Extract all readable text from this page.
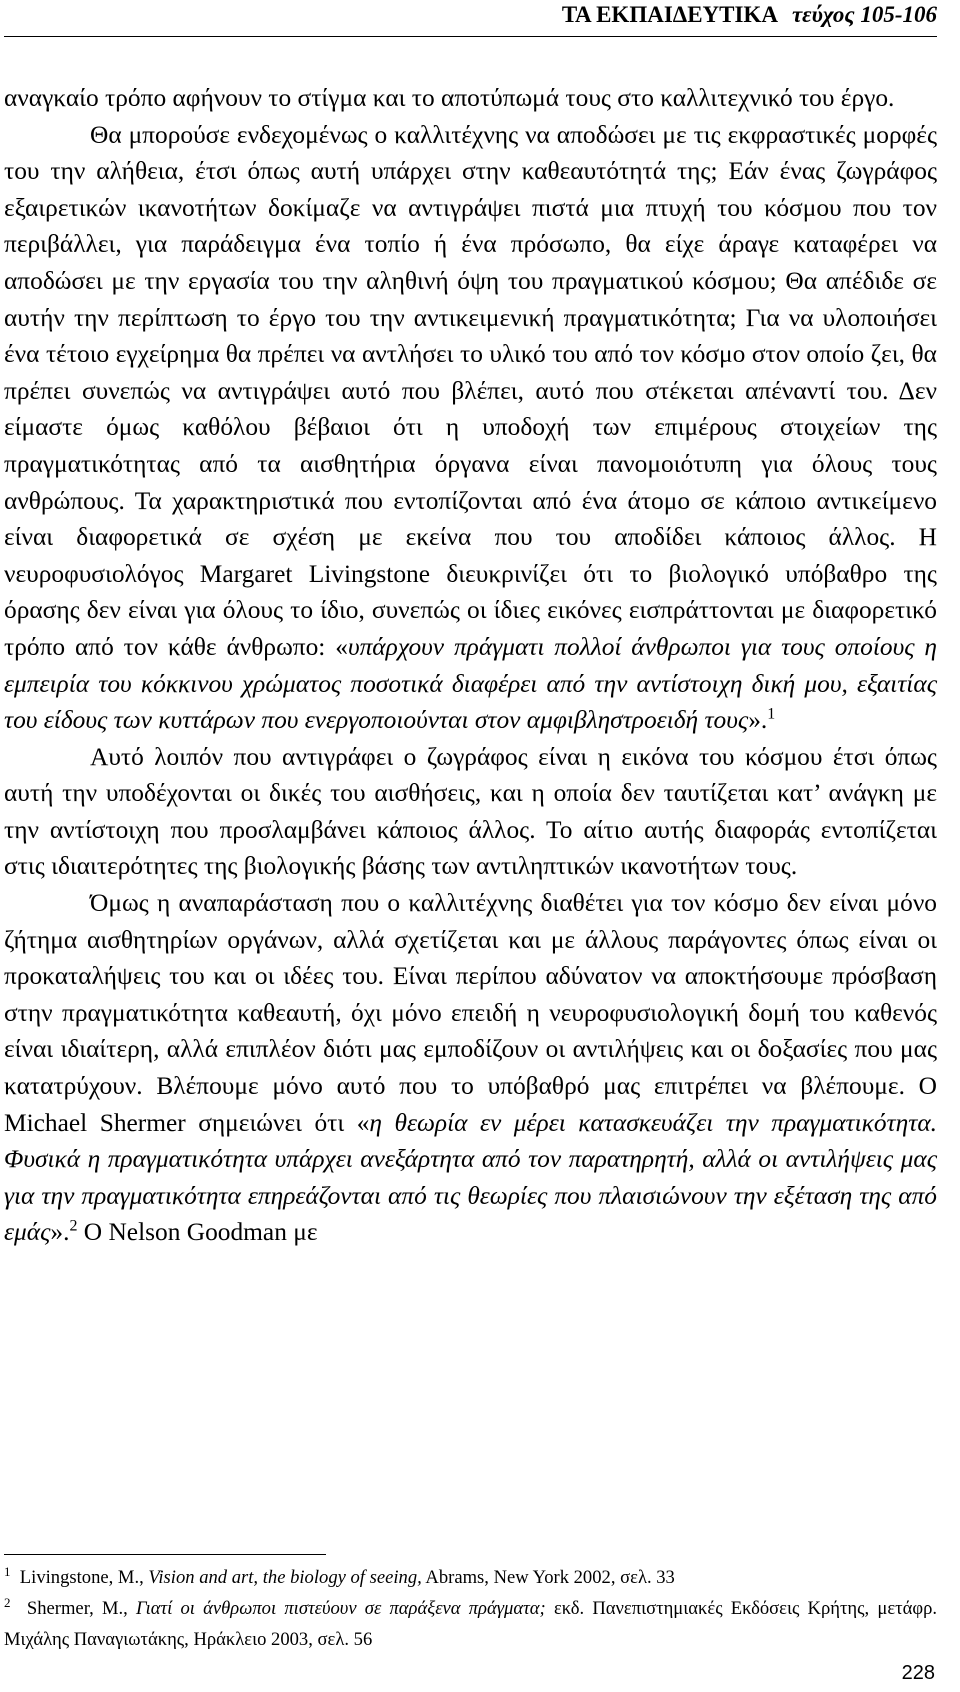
ΤΑ ΕΚΠΑΙΔΕΥΤΙΚΑ τεύχος 105-106

αναγκαίο τρόπο αφήνουν το στίγμα και το αποτύπωμά τους στο καλλιτεχνικό του έργο.

Θα μπορούσε ενδεχομένως ο καλλιτέχνης να αποδώσει με τις εκφραστικές μορφές του την αλήθεια, έτσι όπως αυτή υπάρχει στην καθεαυτότητά της; Εάν ένας ζωγράφος εξαιρετικών ικανοτήτων δοκίμαζε να αντιγράψει πιστά μια πτυχή του κόσμου που τον περιβάλλει, για παράδειγμα ένα τοπίο ή ένα πρόσωπο, θα είχε άραγε καταφέρει να αποδώσει με την εργασία του την αληθινή όψη του πραγματικού κόσμου; Θα απέδιδε σε αυτήν την περίπτωση το έργο του την αντικειμενική πραγματικότητα; Για να υλοποιήσει ένα τέτοιο εγχείρημα θα πρέπει να αντλήσει το υλικό του από τον κόσμο στον οποίο ζει, θα πρέπει συνεπώς να αντιγράψει αυτό που βλέπει, αυτό που στέκεται απέναντί του. Δεν είμαστε όμως καθόλου βέβαιοι ότι η υποδοχή των επιμέρους στοιχείων της πραγματικότητας από τα αισθητήρια όργανα είναι πανομοιότυπη για όλους τους ανθρώπους. Τα χαρακτηριστικά που εντοπίζονται από ένα άτομο σε κάποιο αντικείμενο είναι διαφορετικά σε σχέση με εκείνα που του αποδίδει κάποιος άλλος. Η νευροφυσιολόγος Margaret Livingstone διευκρινίζει ότι το βιολογικό υπόβαθρο της όρασης δεν είναι για όλους το ίδιο, συνεπώς οι ίδιες εικόνες εισπράττονται με διαφορετικό τρόπο από τον κάθε άνθρωπο: «υπάρχουν πράγματι πολλοί άνθρωποι για τους οποίους η εμπειρία του κόκκινου χρώματος ποσοτικά διαφέρει από την αντίστοιχη δική μου, εξαιτίας του είδους των κυττάρων που ενεργοποιούνται στον αμφιβληστροειδή τους».$^1$

Αυτό λοιπόν που αντιγράφει ο ζωγράφος είναι η εικόνα του κόσμου έτσι όπως αυτή την υποδέχονται οι δικές του αισθήσεις, και η οποία δεν ταυτίζεται κατ’ ανάγκη με την αντίστοιχη που προσλαμβάνει κάποιος άλλος. Το αίτιο αυτής διαφοράς εντοπίζεται στις ιδιαιτερότητες της βιολογικής βάσης των αντιληπτικών ικανοτήτων τους.

Όμως η αναπαράσταση που ο καλλιτέχνης διαθέτει για τον κόσμο δεν είναι μόνο ζήτημα αισθητηρίων οργάνων, αλλά σχετίζεται και με άλλους παράγοντες όπως είναι οι προκαταλήψεις του και οι ιδέες του. Είναι περίπου αδύνατον να αποκτήσουμε πρόσβαση στην πραγματικότητα καθεαυτή, όχι μόνο επειδή η νευροφυσιολογική δομή του καθενός είναι ιδιαίτερη, αλλά επιπλέον διότι μας εμποδίζουν οι αντιλήψεις και οι δοξασίες που μας κατατρύχουν. Βλέπουμε μόνο αυτό που το υπόβαθρό μας επιτρέπει να βλέπουμε. Ο Michael Shermer σημειώνει ότι «η θεωρία εν μέρει κατασκευάζει την πραγματικότητα. Φυσικά η πραγματικότητα υπάρχει ανεξάρτητα από τον παρατηρητή, αλλά οι αντιλήψεις μας για την πραγματικότητα επηρεάζονται από τις θεωρίες που πλαισιώνουν την εξέταση της από εμάς».$^2$ Ο Nelson Goodman με

$^1$ Livingstone, M., Vision and art, the biology of seeing, Abrams, New York 2002, σελ. 33

$^2$ Shermer, M., Γιατί οι άνθρωποι πιστεύουν σε παράξενα πράγματα; εκδ. Πανεπιστημιακές Εκδόσεις Κρήτης, μετάφρ. Μιχάλης Παναγιωτάκης, Ηράκλειο 2003, σελ. 56

228
